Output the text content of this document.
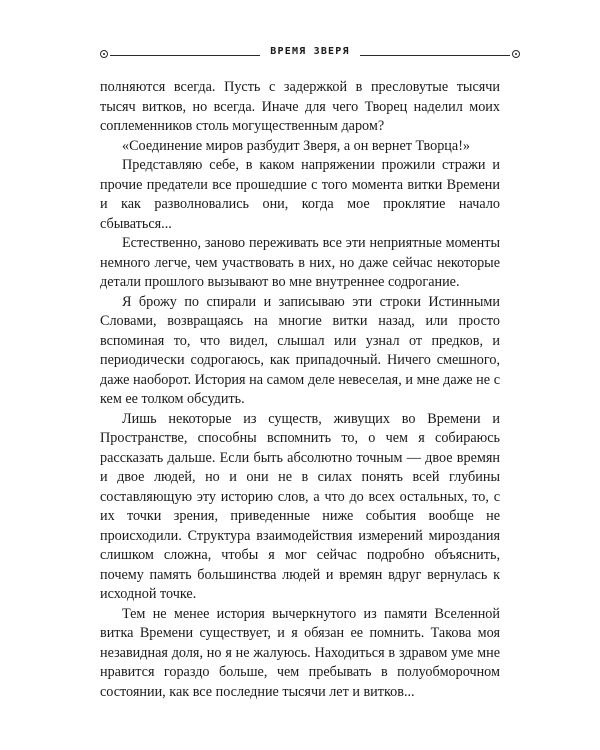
ВРЕМЯ ЗВЕРЯ

полняются всегда. Пусть с задержкой в пресловутые тысячи тысяч витков, но всегда. Иначе для чего Творец наделил моих соплеменников столь могущественным даром?

«Соединение миров разбудит Зверя, а он вернет Творца!»

Представляю себе, в каком напряжении прожили стражи и прочие предатели все прошедшие с того момента витки Времени и как разволновались они, когда мое проклятие начало сбываться...

Естественно, заново переживать все эти неприятные моменты немного легче, чем участвовать в них, но даже сейчас некоторые детали прошлого вызывают во мне внутреннее содрогание.

Я брожу по спирали и записываю эти строки Истинными Словами, возвращаясь на многие витки назад, или просто вспоминая то, что видел, слышал или узнал от предков, и периодически содрогаюсь, как припадочный. Ничего смешного, даже наоборот. История на самом деле невеселая, и мне даже не с кем ее толком обсудить.

Лишь некоторые из существ, живущих во Времени и Пространстве, способны вспомнить то, о чем я собираюсь рассказать дальше. Если быть абсолютно точным — двое времян и двое людей, но и они не в силах понять всей глубины составляющую эту историю слов, а что до всех остальных, то, с их точки зрения, приведенные ниже события вообще не происходили. Структура взаимодействия измерений мироздания слишком сложна, чтобы я мог сейчас подробно объяснить, почему память большинства людей и времян вдруг вернулась к исходной точке.

Тем не менее история вычеркнутого из памяти Вселенной витка Времени существует, и я обязан ее помнить. Такова моя незавидная доля, но я не жалуюсь. Находиться в здравом уме мне нравится гораздо больше, чем пребывать в полуобморочном состоянии, как все последние тысячи лет и витков...
